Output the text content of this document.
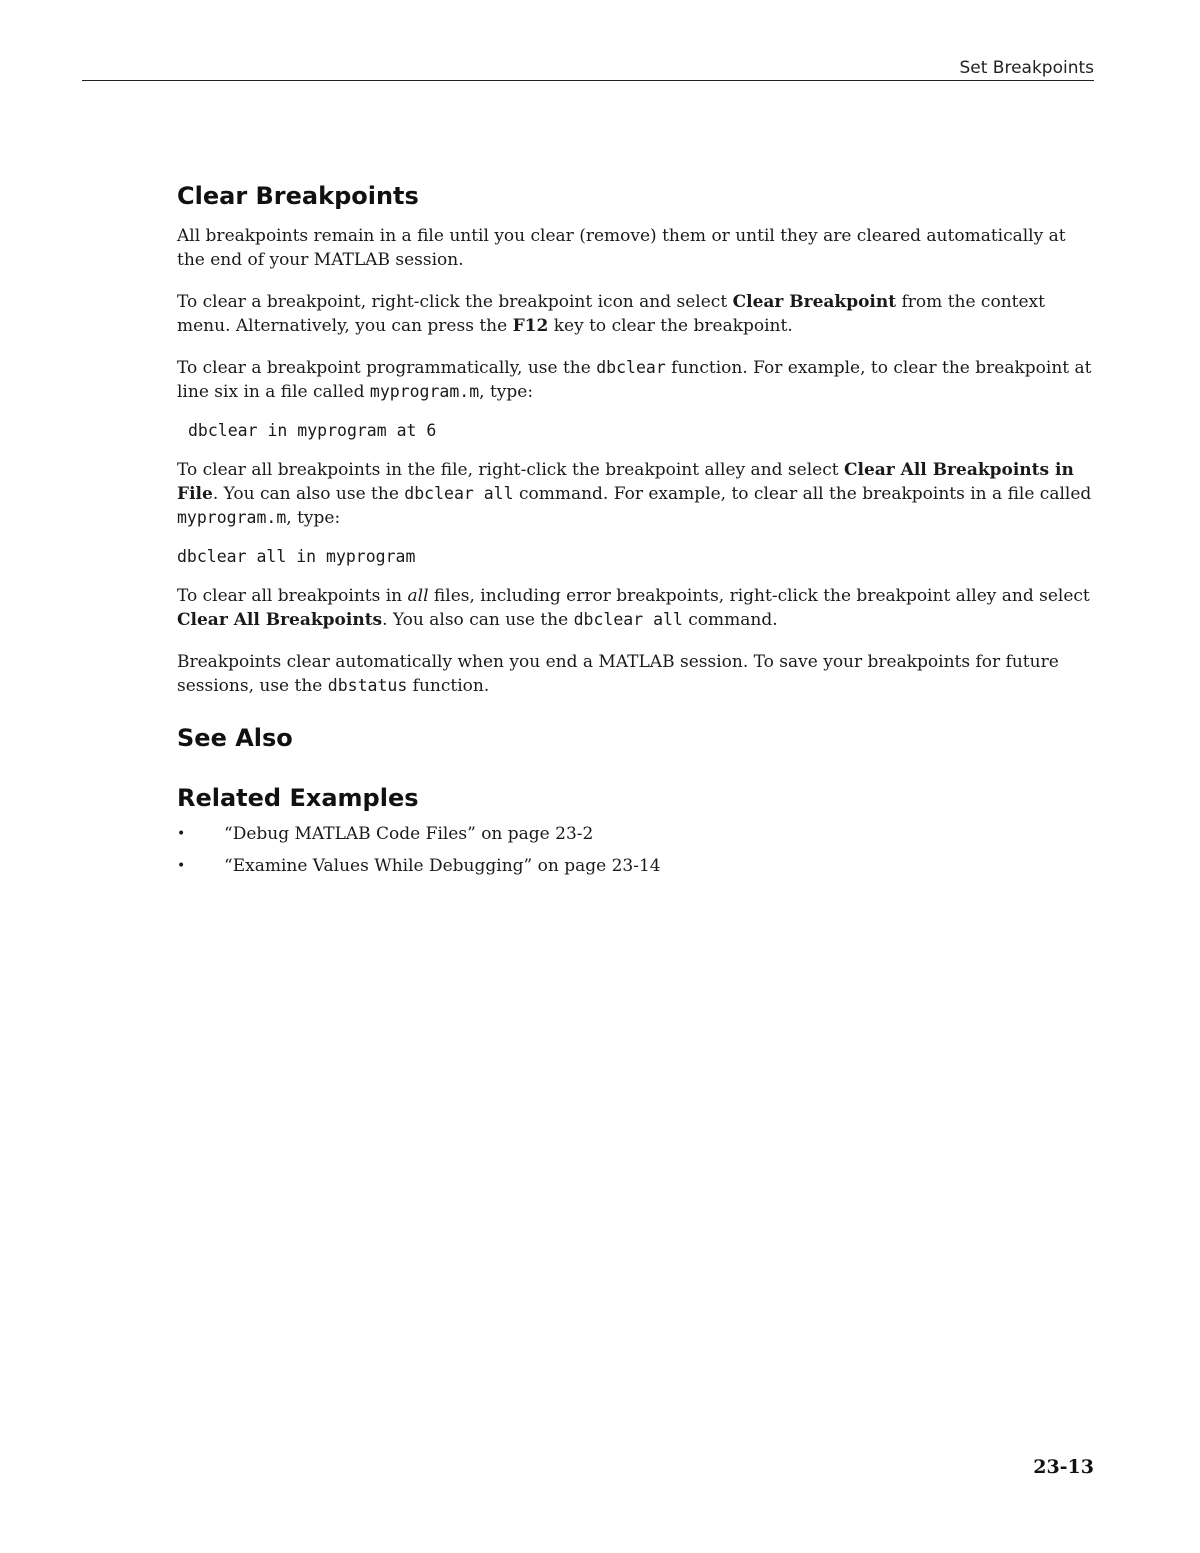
Set Breakpoints
Clear Breakpoints

All breakpoints remain in a file until you clear (remove) them or until they are cleared automatically at the end of your MATLAB session.

To clear a breakpoint, right-click the breakpoint icon and select Clear Breakpoint from the context menu. Alternatively, you can press the F12 key to clear the breakpoint.

To clear a breakpoint programmatically, use the dbclear function. For example, to clear the breakpoint at line six in a file called myprogram.m, type:

dbclear in myprogram at 6

To clear all breakpoints in the file, right-click the breakpoint alley and select Clear All Breakpoints in File. You can also use the dbclear all command. For example, to clear all the breakpoints in a file called myprogram.m, type:

dbclear all in myprogram

To clear all breakpoints in all files, including error breakpoints, right-click the breakpoint alley and select Clear All Breakpoints. You also can use the dbclear all command.

Breakpoints clear automatically when you end a MATLAB session. To save your breakpoints for future sessions, use the dbstatus function.

See Also
Related Examples
• “Debug MATLAB Code Files” on page 23-2
• “Examine Values While Debugging” on page 23-14
23-13
